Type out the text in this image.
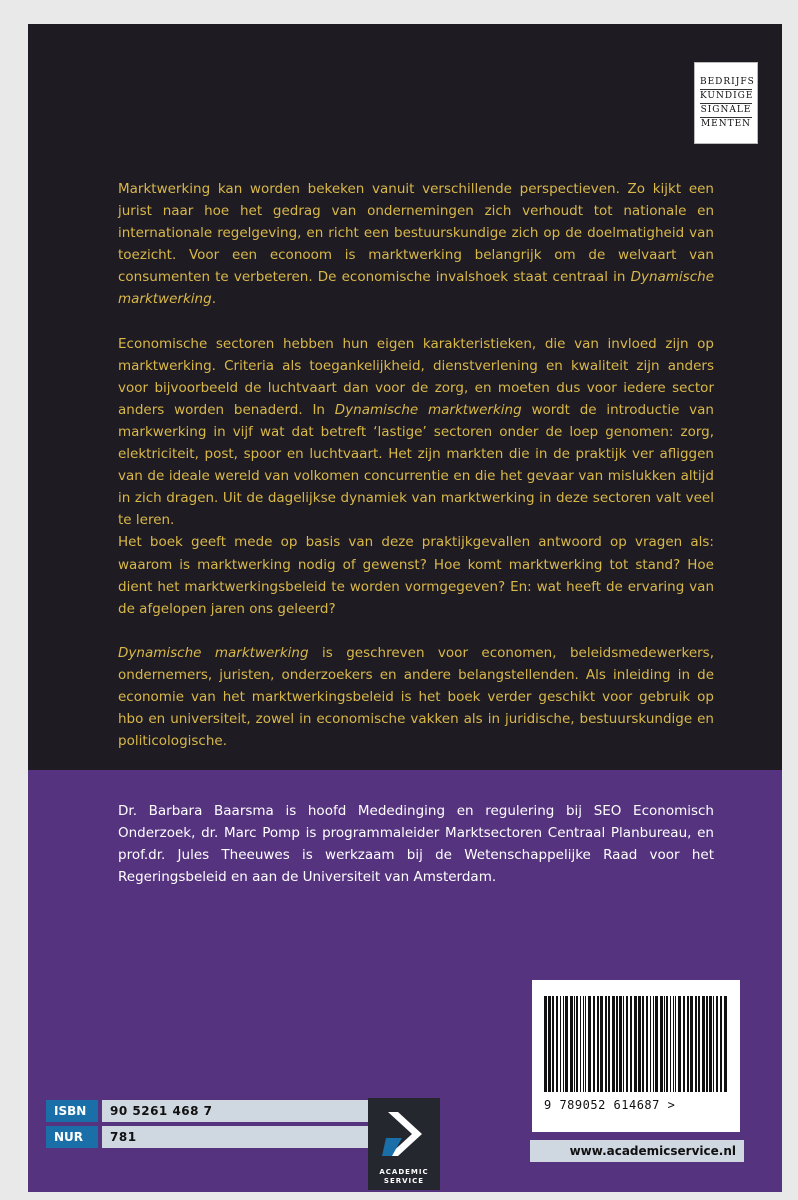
BEDRIJFS
KUNDIGE
SIGNALE
MENTEN

Marktwerking kan worden bekeken vanuit verschillende perspectieven. Zo kijkt een jurist naar hoe het gedrag van ondernemingen zich verhoudt tot nationale en internationale regelgeving, en richt een bestuurskundige zich op de doelmatigheid van toezicht. Voor een econoom is marktwerking belangrijk om de welvaart van consumenten te verbeteren. De economische invalshoek staat centraal in Dynamische marktwerking.

Economische sectoren hebben hun eigen karakteristieken, die van invloed zijn op marktwerking. Criteria als toegankelijkheid, dienstverlening en kwaliteit zijn anders voor bijvoorbeeld de luchtvaart dan voor de zorg, en moeten dus voor iedere sector anders worden benaderd. In Dynamische marktwerking wordt de introductie van markwerking in vijf wat dat betreft ‘lastige’ sectoren onder de loep genomen: zorg, elektriciteit, post, spoor en luchtvaart. Het zijn markten die in de praktijk ver afliggen van de ideale wereld van volkomen concurrentie en die het gevaar van mislukken altijd in zich dragen. Uit de dagelijkse dynamiek van marktwerking in deze sectoren valt veel te leren.

Het boek geeft mede op basis van deze praktijkgevallen antwoord op vragen als: waarom is marktwerking nodig of gewenst? Hoe komt marktwerking tot stand? Hoe dient het marktwerkingsbeleid te worden vormgegeven? En: wat heeft de ervaring van de afgelopen jaren ons geleerd?

Dynamische marktwerking is geschreven voor economen, beleidsmedewerkers, ondernemers, juristen, onderzoekers en andere belangstellenden. Als inleiding in de economie van het marktwerkingsbeleid is het boek verder geschikt voor gebruik op hbo en universiteit, zowel in economische vakken als in juridische, bestuurskundige en politicologische.

Dr. Barbara Baarsma is hoofd Mededinging en regulering bij SEO Economisch Onderzoek, dr. Marc Pomp is programmaleider Marktsectoren Centraal Planbureau, en prof.dr. Jules Theeuwes is werkzaam bij de Wetenschappelijke Raad voor het Regeringsbeleid en aan de Universiteit van Amsterdam.
9 789052 614687 >
ISBN	90 5261 468 7
NUR	781
ACADEMIC SERVICE
www.academicservice.nl
